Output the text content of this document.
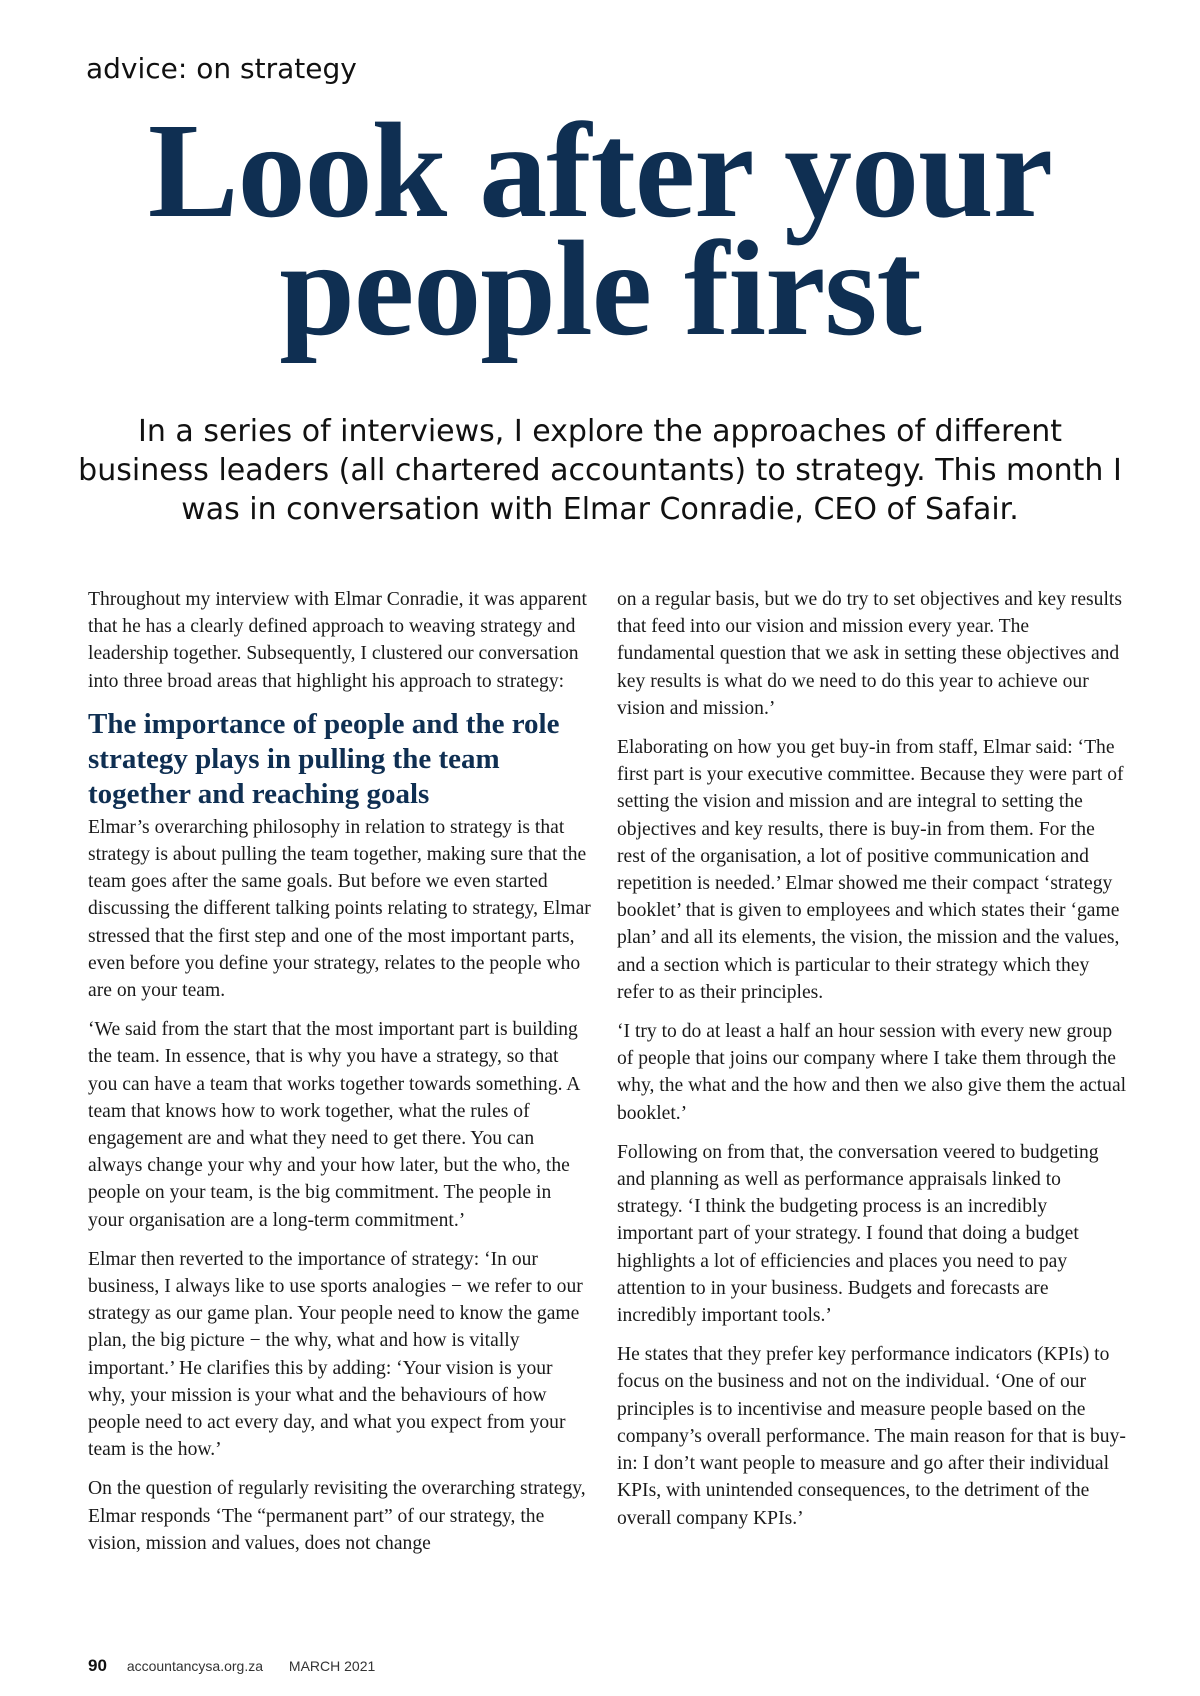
advice: on strategy
Look after your
people first

In a series of interviews, I explore the approaches of different business leaders (all chartered accountants) to strategy. This month I was in conversation with Elmar Conradie, CEO of Safair.

Throughout my interview with Elmar Conradie, it was apparent that he has a clearly defined approach to weaving strategy and leadership together. Subsequently, I clustered our conversation into three broad areas that highlight his approach to strategy:

The importance of people and the role strategy plays in pulling the team together and reaching goals

Elmar’s overarching philosophy in relation to strategy is that strategy is about pulling the team together, making sure that the team goes after the same goals. But before we even started discussing the different talking points relating to strategy, Elmar stressed that the first step and one of the most important parts, even before you define your strategy, relates to the people who are on your team.

‘We said from the start that the most important part is building the team. In essence, that is why you have a strategy, so that you can have a team that works together towards something. A team that knows how to work together, what the rules of engagement are and what they need to get there. You can always change your why and your how later, but the who, the people on your team, is the big commitment. The people in your organisation are a long-term commitment.’

Elmar then reverted to the importance of strategy: ‘In our business, I always like to use sports analogies − we refer to our strategy as our game plan. Your people need to know the game plan, the big picture − the why, what and how is vitally important.’ He clarifies this by adding: ‘Your vision is your why, your mission is your what and the behaviours of how people need to act every day, and what you expect from your team is the how.’

On the question of regularly revisiting the overarching strategy, Elmar responds ‘The “permanent part” of our strategy, the vision, mission and values, does not change

on a regular basis, but we do try to set objectives and key results that feed into our vision and mission every year. The fundamental question that we ask in setting these objectives and key results is what do we need to do this year to achieve our vision and mission.’

Elaborating on how you get buy-in from staff, Elmar said: ‘The first part is your executive committee. Because they were part of setting the vision and mission and are integral to setting the objectives and key results, there is buy-in from them. For the rest of the organisation, a lot of positive communication and repetition is needed.’ Elmar showed me their compact ‘strategy booklet’ that is given to employees and which states their ‘game plan’ and all its elements, the vision, the mission and the values, and a section which is particular to their strategy which they refer to as their principles.

‘I try to do at least a half an hour session with every new group of people that joins our company where I take them through the why, the what and the how and then we also give them the actual booklet.’

Following on from that, the conversation veered to budgeting and planning as well as performance appraisals linked to strategy. ‘I think the budgeting process is an incredibly important part of your strategy. I found that doing a budget highlights a lot of efficiencies and places you need to pay attention to in your business. Budgets and forecasts are incredibly important tools.’

He states that they prefer key performance indicators (KPIs) to focus on the business and not on the individual. ‘One of our principles is to incentivise and measure people based on the company’s overall performance. The main reason for that is buy-in: I don’t want people to measure and go after their individual KPIs, with unintended consequences, to the detriment of the overall company KPIs.’

90 accountancysa.org.za MARCH 2021
